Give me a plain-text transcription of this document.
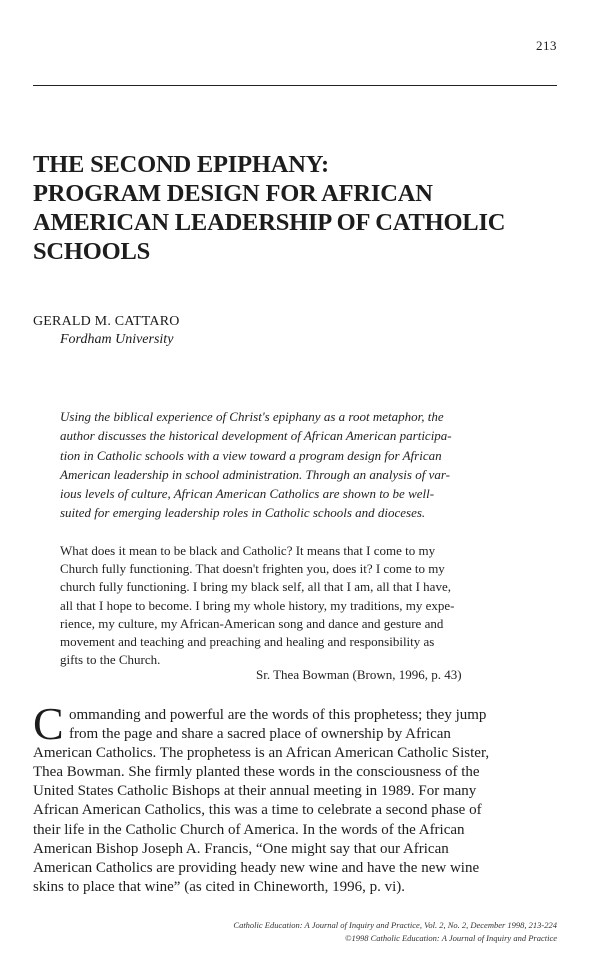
213
THE SECOND EPIPHANY:
PROGRAM DESIGN FOR AFRICAN
AMERICAN LEADERSHIP OF CATHOLIC
SCHOOLS
GERALD M. CATTARO
Fordham University
Using the biblical experience of Christ's epiphany as a root metaphor, the
author discusses the historical development of African American participa-
tion in Catholic schools with a view toward a program design for African
American leadership in school administration. Through an analysis of var-
ious levels of culture, African American Catholics are shown to be well-
suited for emerging leadership roles in Catholic schools and dioceses.
What does it mean to be black and Catholic? It means that I come to my
Church fully functioning. That doesn't frighten you, does it? I come to my
church fully functioning. I bring my black self, all that I am, all that I have,
all that I hope to become. I bring my whole history, my traditions, my expe-
rience, my culture, my African-American song and dance and gesture and
movement and teaching and preaching and healing and responsibility as
gifts to the Church.
Sr. Thea Bowman (Brown, 1996, p. 43)
C ommanding and powerful are the words of this prophetess; they jump
from the page and share a sacred place of ownership by African
American Catholics. The prophetess is an African American Catholic Sister,
Thea Bowman. She firmly planted these words in the consciousness of the
United States Catholic Bishops at their annual meeting in 1989. For many
African American Catholics, this was a time to celebrate a second phase of
their life in the Catholic Church of America. In the words of the African
American Bishop Joseph A. Francis, “One might say that our African
American Catholics are providing heady new wine and have the new wine
skins to place that wine” (as cited in Chineworth, 1996, p. vi).
Catholic Education: A Journal of Inquiry and Practice, Vol. 2, No. 2, December 1998, 213-224
©1998 Catholic Education: A Journal of Inquiry and Practice
